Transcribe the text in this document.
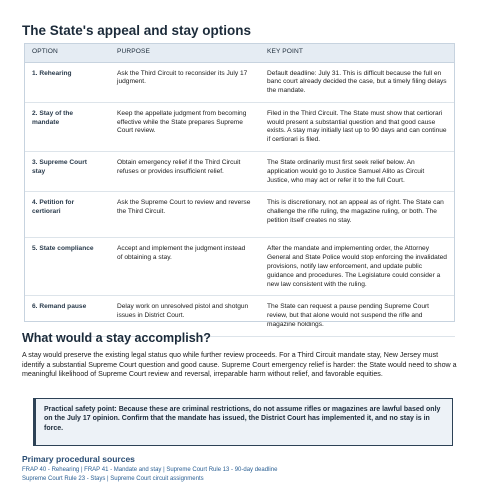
The State's appeal and stay options
OPTION	PURPOSE	KEY POINT
1. Rehearing	Ask the Third Circuit to reconsider its July 17 judgment.	Default deadline: July 31. This is difficult because the full en banc court already decided the case, but a timely filing delays the mandate.
2. Stay of the mandate	Keep the appellate judgment from becoming effective while the State prepares Supreme Court review.	Filed in the Third Circuit. The State must show that certiorari would present a substantial question and that good cause exists. A stay may initially last up to 90 days and can continue if certiorari is filed.
3. Supreme Court stay	Obtain emergency relief if the Third Circuit refuses or provides insufficient relief.	The State ordinarily must first seek relief below. An application would go to Justice Samuel Alito as Circuit Justice, who may act or refer it to the full Court.
4. Petition for certiorari	Ask the Supreme Court to review and reverse the Third Circuit.	This is discretionary, not an appeal as of right. The State can challenge the rifle ruling, the magazine ruling, or both. The petition itself creates no stay.
5. State compliance	Accept and implement the judgment instead of obtaining a stay.	After the mandate and implementing order, the Attorney General and State Police would stop enforcing the invalidated provisions, notify law enforcement, and update public guidance and procedures. The Legislature could consider a new law consistent with the ruling.
6. Remand pause	Delay work on unresolved pistol and shotgun issues in District Court.	The State can request a pause pending Supreme Court review, but that alone would not suspend the rifle and magazine holdings.
What would a stay accomplish?

A stay would preserve the existing legal status quo while further review proceeds. For a Third Circuit mandate stay, New Jersey must identify a substantial Supreme Court question and good cause. Supreme Court emergency relief is harder: the State would need to show a meaningful likelihood of Supreme Court review and reversal, irreparable harm without relief, and favorable equities.

Primary procedural sources
FRAP 40 - Rehearing | FRAP 41 - Mandate and stay | Supreme Court Rule 13 - 90-day deadline
Supreme Court Rule 23 - Stays | Supreme Court circuit assignments
Practical safety point: Because these are criminal restrictions, do not assume rifles or magazines are lawful based only on the July 17 opinion. Confirm that the mandate has issued, the District Court has implemented it, and no stay is in force.
